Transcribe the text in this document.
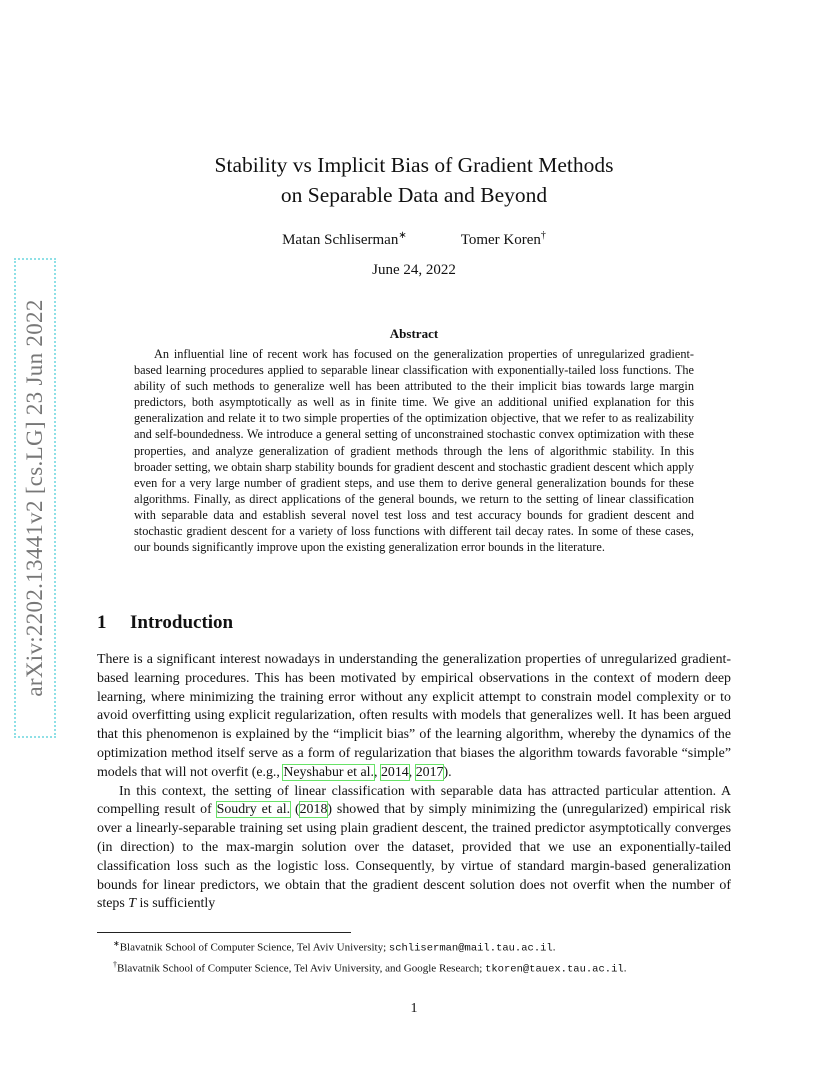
arXiv:2202.13441v2 [cs.LG] 23 Jun 2022
Stability vs Implicit Bias of Gradient Methods
on Separable Data and Beyond
Matan Schliserman∗	Tomer Koren†
June 24, 2022
Abstract
An influential line of recent work has focused on the generalization properties of unregularized gradient-based learning procedures applied to separable linear classification with exponentially-tailed loss functions. The ability of such methods to generalize well has been attributed to the their implicit bias towards large margin predictors, both asymptotically as well as in finite time. We give an additional unified explanation for this generalization and relate it to two simple properties of the optimization objective, that we refer to as realizability and self-boundedness. We introduce a general setting of unconstrained stochastic convex optimization with these properties, and analyze generalization of gradient methods through the lens of algorithmic stability. In this broader setting, we obtain sharp stability bounds for gradient descent and stochastic gradient descent which apply even for a very large number of gradient steps, and use them to derive general generalization bounds for these algorithms. Finally, as direct applications of the general bounds, we return to the setting of linear classification with separable data and establish several novel test loss and test accuracy bounds for gradient descent and stochastic gradient descent for a variety of loss functions with different tail decay rates. In some of these cases, our bounds significantly improve upon the existing generalization error bounds in the literature.
1 Introduction

There is a significant interest nowadays in understanding the generalization properties of unregularized gradient-based learning procedures. This has been motivated by empirical observations in the context of modern deep learning, where minimizing the training error without any explicit attempt to constrain model complexity or to avoid overfitting using explicit regularization, often results with models that generalizes well. It has been argued that this phenomenon is explained by the “implicit bias” of the learning algorithm, whereby the dynamics of the optimization method itself serve as a form of regularization that biases the algorithm towards favorable “simple” models that will not overfit (e.g., Neyshabur et al., 2014, 2017).

In this context, the setting of linear classification with separable data has attracted particular attention. A compelling result of Soudry et al. (2018) showed that by simply minimizing the (unregularized) empirical risk over a linearly-separable training set using plain gradient descent, the trained predictor asymptotically converges (in direction) to the max-margin solution over the dataset, provided that we use an exponentially-tailed classification loss such as the logistic loss. Consequently, by virtue of standard margin-based generalization bounds for linear predictors, we obtain that the gradient descent solution does not overfit when the number of steps T is sufficiently

∗Blavatnik School of Computer Science, Tel Aviv University; schliserman@mail.tau.ac.il.
†Blavatnik School of Computer Science, Tel Aviv University, and Google Research; tkoren@tauex.tau.ac.il.
1
